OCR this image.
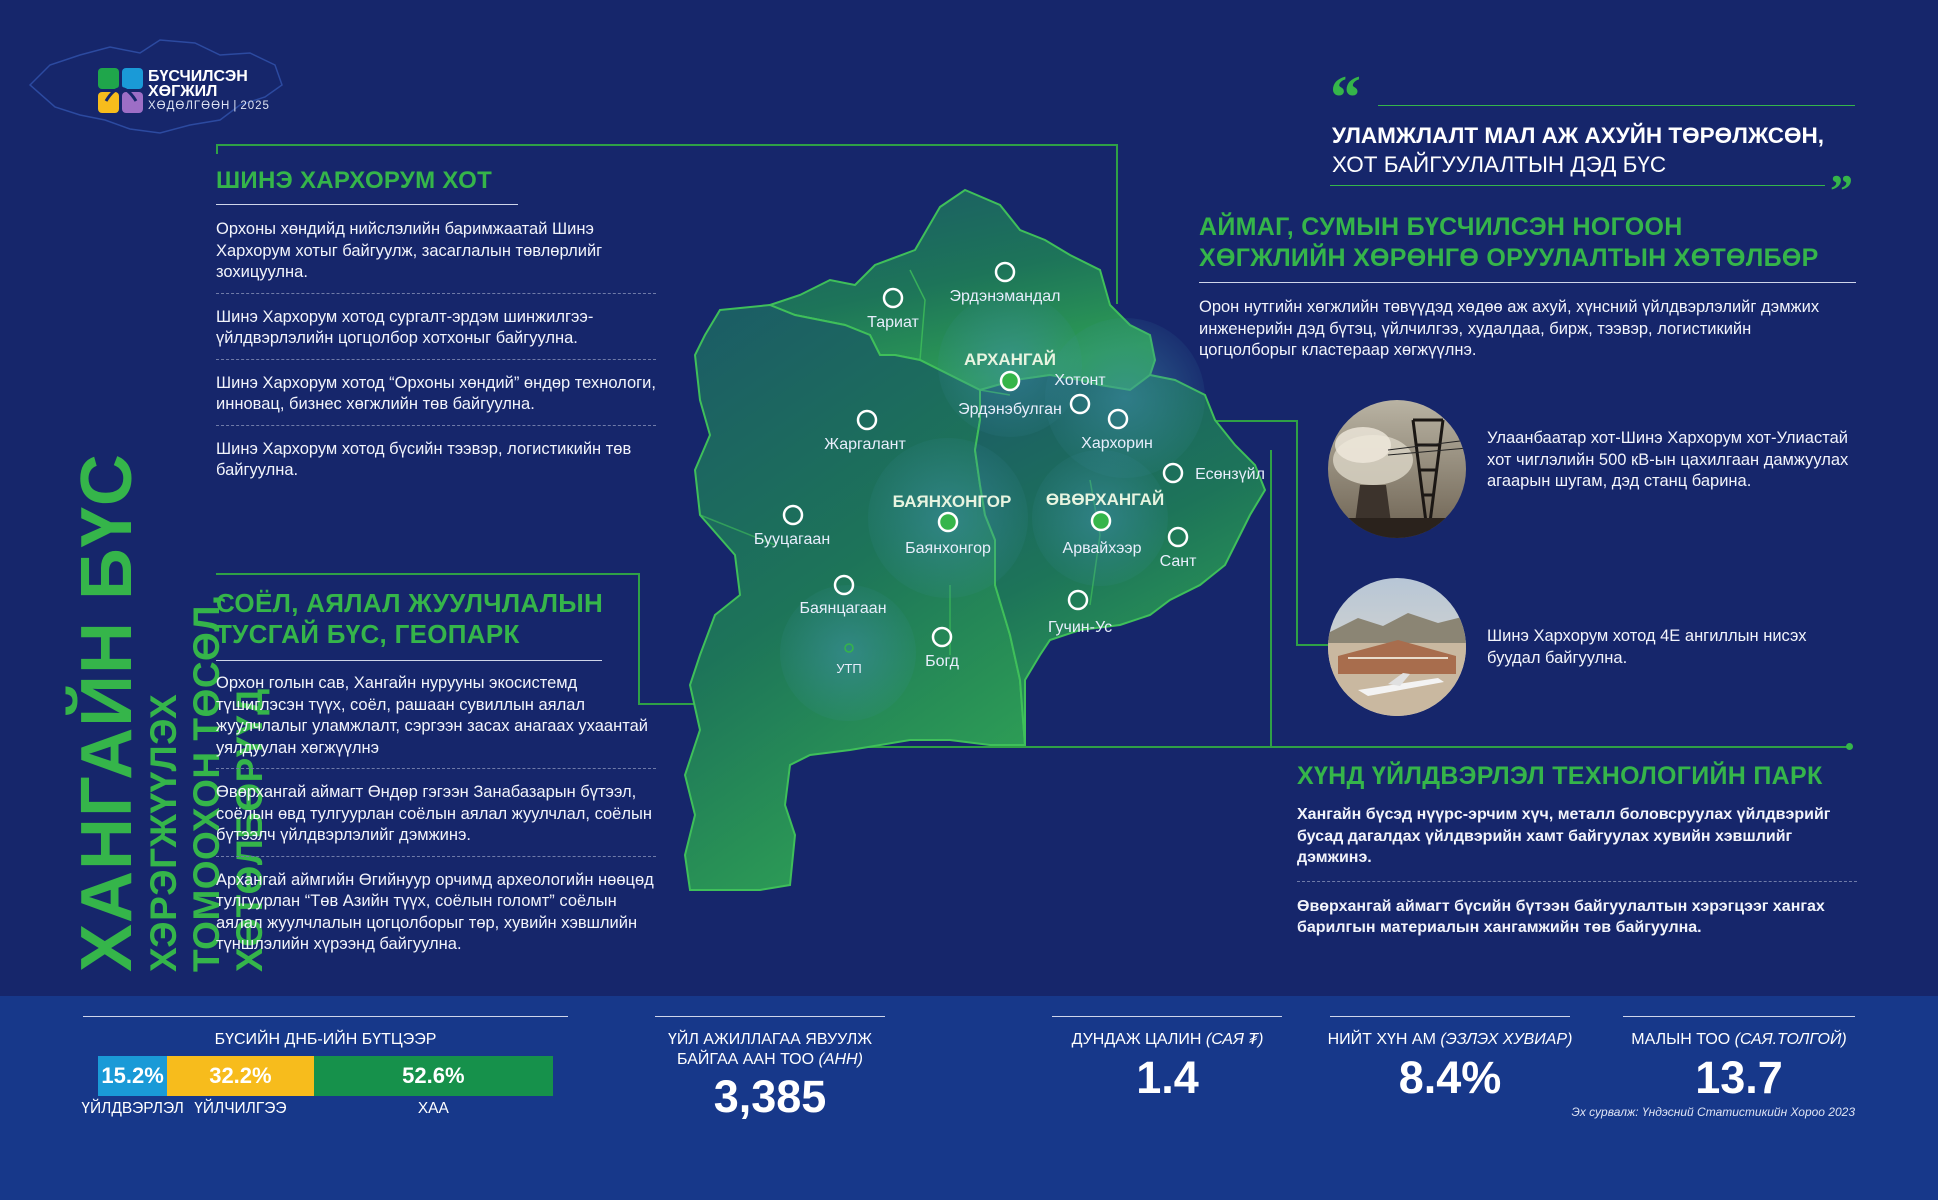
БҮСЧИЛСЭН
ХӨГЖИЛ
ХӨДӨЛГӨӨН | 2025
ХАНГАЙН БҮС
ХЭРЭГЖҮҮЛЭХ ТОМООХОН ТӨСӨЛ, ХӨТӨЛБӨРҮҮД
ШИНЭ ХАРХОРУМ ХОТ
Орхоны хөндийд нийслэлийн баримжаатай Шинэ Хархорум хотыг байгуулж, засаглалын төвлөрлийг зохицуулна.
Шинэ Хархорум хотод сургалт-эрдэм шинжилгээ-үйлдвэрлэлийн цогцолбор хотхоныг байгуулна.
Шинэ Хархорум хотод “Орхоны хөндий” өндөр технологи, инновац, бизнес хөгжлийн төв байгуулна.
Шинэ Хархорум хотод бүсийн тээвэр, логистикийн төв байгуулна.
СОЁЛ, АЯЛАЛ ЖУУЛЧЛАЛЫН
ТУСГАЙ БҮС, ГЕОПАРК
Орхон голын сав, Хангайн нурууны экосистемд түшиглэсэн түүх, соёл, рашаан сувиллын аялал жуулчлалыг уламжлалт, сэргээн засах анагаах ухаантай уялдуулан хөгжүүлнэ
Өвөрхангай аймагт Өндөр гэгээн Занабазарын бүтээл, соёлын өвд тулгуурлан соёлын аялал жуулчлал, соёлын бүтээлч үйлдвэрлэлийг дэмжинэ.
Архангай аймгийн Өгийнуур орчимд археологийн нөөцөд тулгуурлан “Төв Азийн түүх, соёлын голомт” соёлын аялал жуулчлалын цогцолборыг төр, хувийн хэвшлийн түншлэлийн хүрээнд байгуулна.
АРХАНГАЙ
Эрдэнэбулган
БАЯНХОНГОР
Баянхонгор
ӨВӨРХАНГАЙ
Арвайхээр
Эрдэнэмандал
Тариат
Хотонт
Жаргалант	Хархорин
Есөнзүйл
Бууцагаан
Сант
Баянцагаан
Гучин-Ус
Богд
УТП
“
УЛАМЖЛАЛТ МАЛ АЖ АХУЙН ТӨРӨЛЖСӨН,
ХОТ БАЙГУУЛАЛТЫН ДЭД БҮС
”
АЙМАГ, СУМЫН БҮСЧИЛСЭН НОГООН
ХӨГЖЛИЙН ХӨРӨНГӨ ОРУУЛАЛТЫН ХӨТӨЛБӨР
Орон нутгийн хөгжлийн төвүүдэд хөдөө аж ахуй, хүнсний үйлдвэрлэлийг дэмжих инженерийн дэд бүтэц, үйлчилгээ, худалдаа, бирж, тээвэр, логистикийн цогцолборыг кластераар хөгжүүлнэ.
Улаанбаатар хот-Шинэ Хархорум хот-Улиастай хот чиглэлийн 500 кВ-ын цахилгаан дамжуулах агаарын шугам, дэд станц барина.
Шинэ Хархорум хотод 4Е ангиллын нисэх буудал байгуулна.
ХҮНД ҮЙЛДВЭРЛЭЛ ТЕХНОЛОГИЙН ПАРК
Хангайн бүсэд нүүрс-эрчим хүч, металл боловсруулах үйлдвэрийг бусад дагалдах үйлдвэрийн хамт байгуулах хувийн хэвшлийг дэмжинэ.
Өвөрхангай аймагт бүсийн бүтээн байгуулалтын хэрэгцээг хангах барилгын материалын хангамжийн төв байгуулна.
БҮСИЙН ДНБ-ИЙН БҮТЦЭЭР
15.2%	32.2%	52.6%
ҮЙЛДВЭРЛЭЛ ҮЙЛЧИЛГЭЭ	ХАА
ҮЙЛ АЖИЛЛАГАА ЯВУУЛЖ
БАЙГАА ААН ТОО (АНН)
3,385
ДУНДАЖ ЦАЛИН (САЯ ₮)
1.4
НИЙТ ХҮН АМ (ЭЗЛЭХ ХУВИАР)
8.4%
МАЛЫН ТОО (САЯ.ТОЛГОЙ)
13.7
Эх сурвалж: Үндэсний Статистикийн Хороо 2023
